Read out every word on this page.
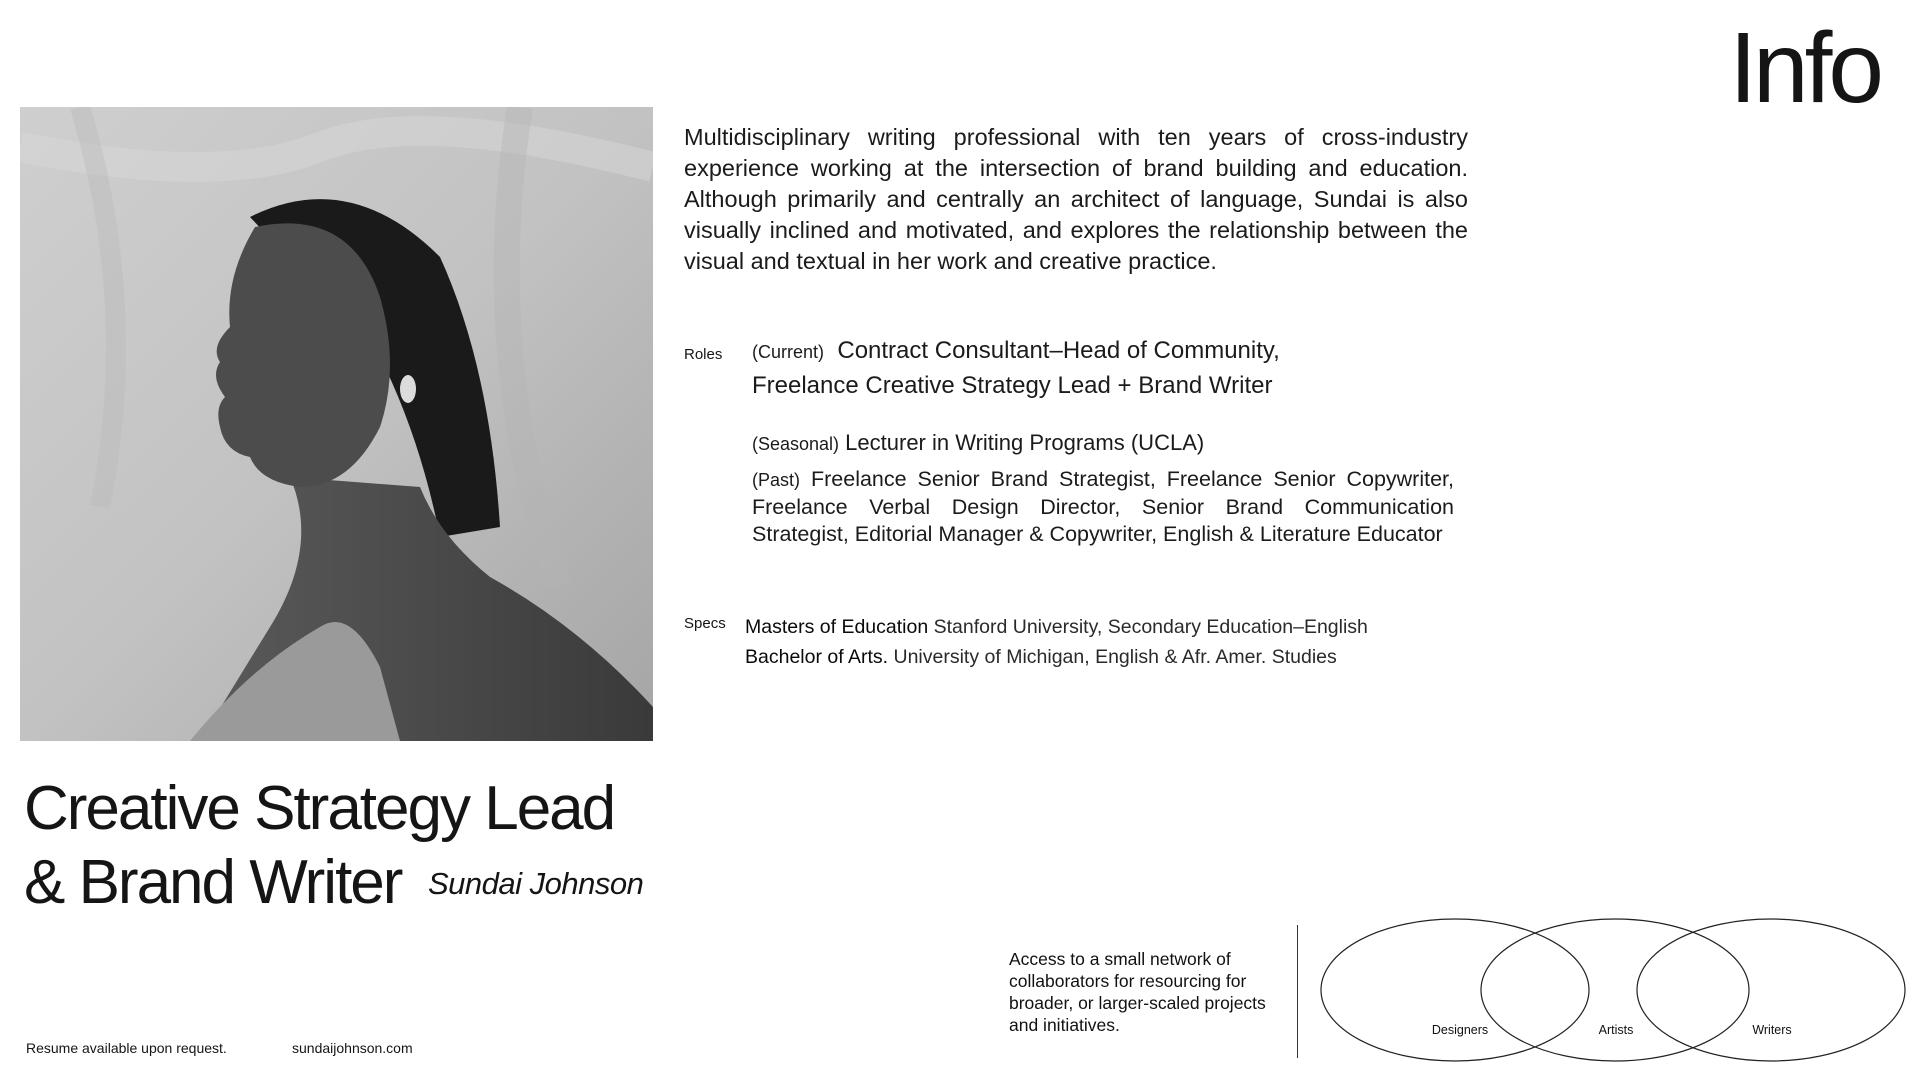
Info
Creative Strategy Lead
& Brand Writer Sundai Johnson
Resume available upon request.	sundaijohnson.com
Multidisciplinary writing professional with ten years of cross-industry experience working at the intersection of brand building and education. Although primarily and centrally an architect of language, Sundai is also visually inclined and motivated, and explores the relationship between the visual and textual in her work and creative practice.
Roles (Current) Contract Consultant–Head of Community,
Freelance Creative Strategy Lead + Brand Writer
(Seasonal) Lecturer in Writing Programs (UCLA)
(Past) Freelance Senior Brand Strategist, Freelance Senior Copywriter, Freelance Verbal Design Director, Senior Brand Communication Strategist, Editorial Manager & Copywriter, English & Literature Educator
Specs Masters of Education Stanford University, Secondary Education–English
Bachelor of Arts. University of Michigan, English & Afr. Amer. Studies
Access to a small network of collaborators for resourcing for broader, or larger-scaled projects and initiatives.	Designers	Artists	Writers
